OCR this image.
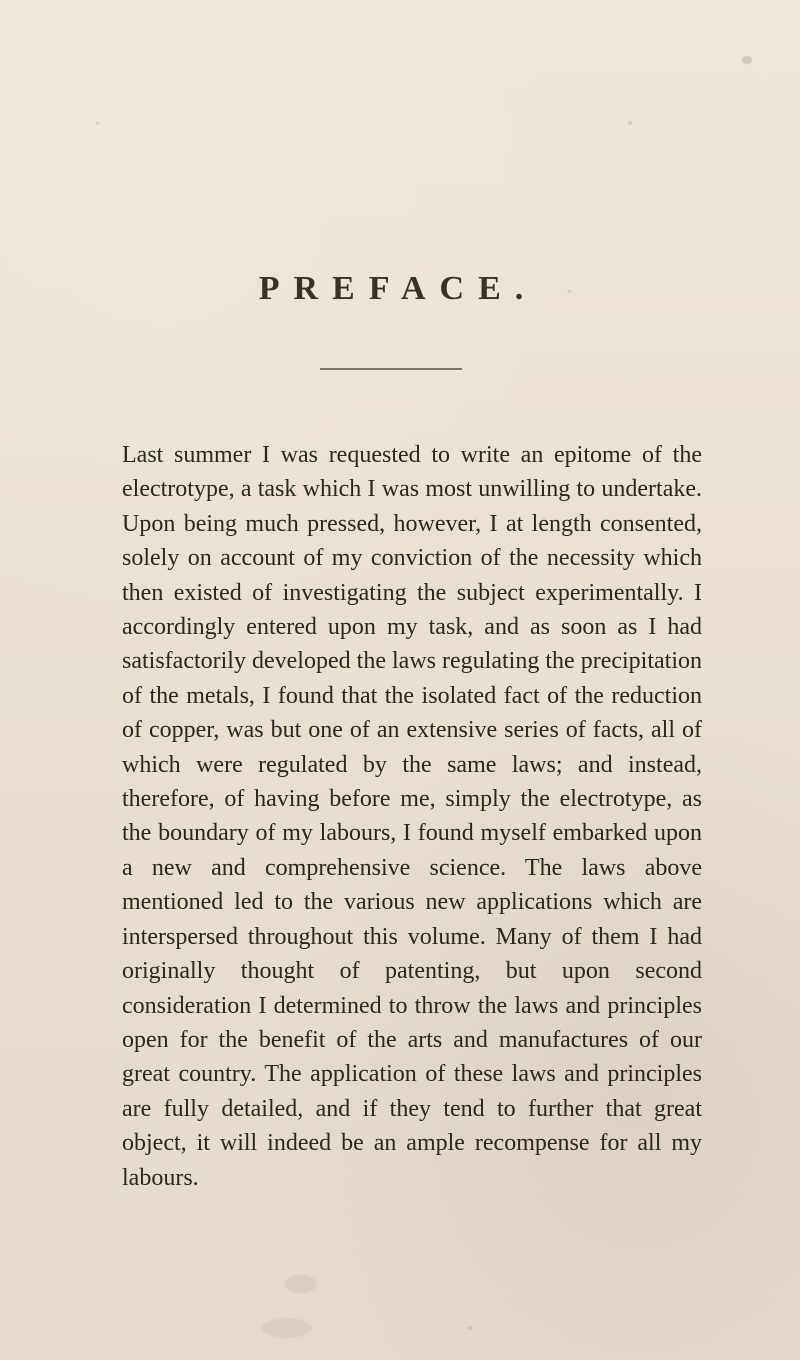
PREFACE.

Last summer I was requested to write an epitome of the electrotype, a task which I was most unwilling to undertake. Upon being much pressed, however, I at length consented, solely on account of my conviction of the necessity which then existed of investigating the subject experimentally. I accordingly entered upon my task, and as soon as I had satisfactorily developed the laws regulating the precipitation of the metals, I found that the isolated fact of the reduction of copper, was but one of an extensive series of facts, all of which were regulated by the same laws; and instead, therefore, of having before me, simply the electrotype, as the boundary of my labours, I found myself embarked upon a new and comprehensive science. The laws above mentioned led to the various new applications which are interspersed throughout this volume. Many of them I had originally thought of patenting, but upon second consideration I determined to throw the laws and principles open for the benefit of the arts and manufactures of our great country. The application of these laws and principles are fully detailed, and if they tend to further that great object, it will indeed be an ample recompense for all my labours.
